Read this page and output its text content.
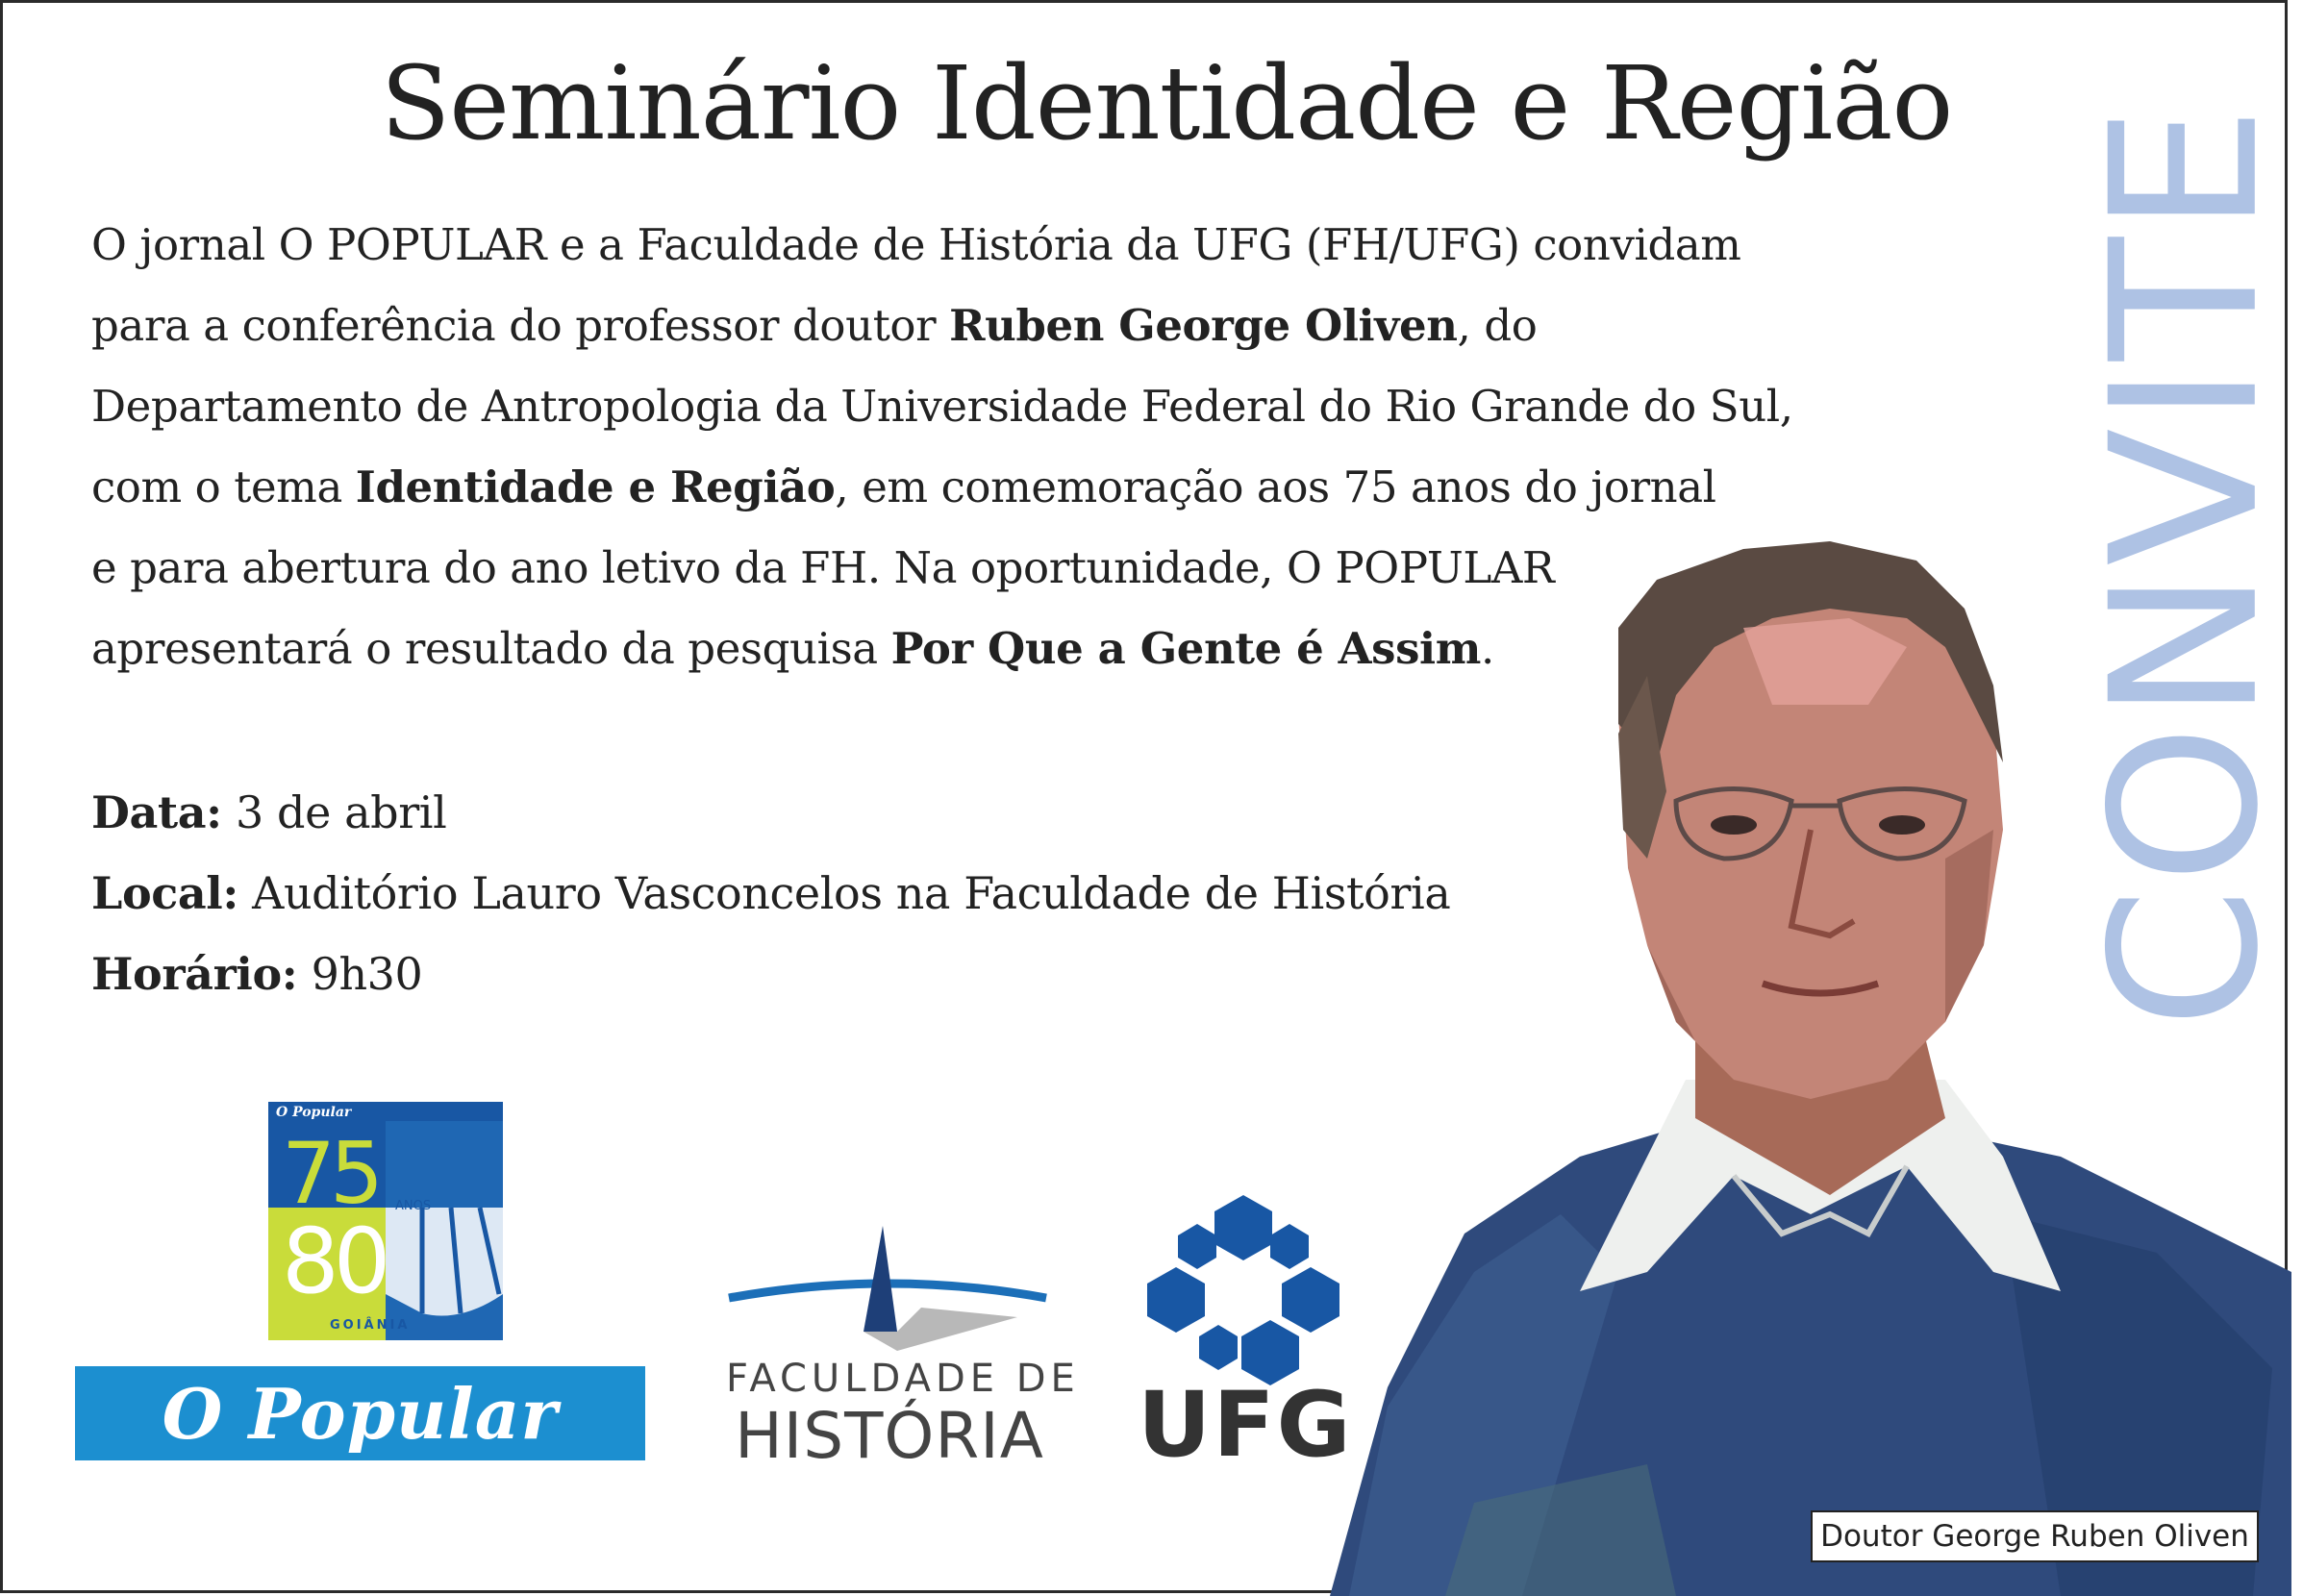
Seminário Identidade e Região
O jornal O POPULAR e a Faculdade de História da UFG (FH/UFG) convidam
para a conferência do professor doutor Ruben George Oliven, do
Departamento de Antropologia da Universidade Federal do Rio Grande do Sul,
com o tema Identidade e Região, em comemoração aos 75 anos do jornal
e para abertura do ano letivo da FH. Na oportunidade, O POPULAR
apresentará o resultado da pesquisa Por Que a Gente é Assim.
Data: 3 de abril
Local: Auditório Lauro Vasconcelos na Faculdade de História
Horário: 9h30	CONVITE
Doutor George Ruben Oliven
O Popular
75
80
ANOS
GOIÂNIA
O Popular	FACULDADE DE
HISTÓRIA UFG
